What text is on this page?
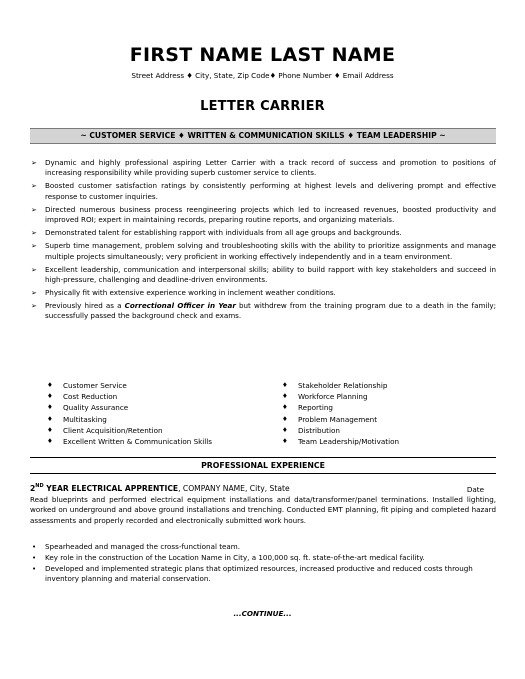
FIRST NAME LAST NAME
Street Address ♦ City, State, Zip Code♦ Phone Number ♦ Email Address
LETTER CARRIER
~ CUSTOMER SERVICE ♦ WRITTEN & COMMUNICATION SKILLS ♦ TEAM LEADERSHIP ~
➢ Dynamic and highly professional aspiring Letter Carrier with a track record of success and promotion to positions of increasing responsibility while providing superb customer service to clients.
➢ Boosted customer satisfaction ratings by consistently performing at highest levels and delivering prompt and effective response to customer inquiries.
➢ Directed numerous business process reengineering projects which led to increased revenues, boosted productivity and improved ROI; expert in maintaining records, preparing routine reports, and organizing materials.
➢ Demonstrated talent for establishing rapport with individuals from all age groups and backgrounds.
➢ Superb time management, problem solving and troubleshooting skills with the ability to prioritize assignments and manage multiple projects simultaneously; very proficient in working effectively independently and in a team environment.
➢ Excellent leadership, communication and interpersonal skills; ability to build rapport with key stakeholders and succeed in high-pressure, challenging and deadline-driven environments.
➢ Physically fit with extensive experience working in inclement weather conditions.
➢ Previously hired as a Correctional Officer in Year but withdrew from the training program due to a death in the family; successfully passed the background check and exams.
♦ Customer Service
♦ Cost Reduction
♦ Quality Assurance
♦ Multitasking
♦ Client Acquisition/Retention
♦ Excellent Written & Communication Skills
♦ Stakeholder Relationship
♦ Workforce Planning
♦ Reporting
♦ Problem Management
♦ Distribution
♦ Team Leadership/Motivation
PROFESSIONAL EXPERIENCE
2ND YEAR ELECTRICAL APPRENTICE, COMPANY NAME, City, State	Date
Read blueprints and performed electrical equipment installations and data/transformer/panel terminations. Installed lighting, worked on underground and above ground installations and trenching. Conducted EMT planning, fit piping and completed hazard assessments and properly recorded and electronically submitted work hours.
• Spearheaded and managed the cross-functional team.
• Key role in the construction of the Location Name in City, a 100,000 sq. ft. state-of-the-art medical facility.
• Developed and implemented strategic plans that optimized resources, increased productive and reduced costs through inventory planning and material conservation.
...CONTINUE...
